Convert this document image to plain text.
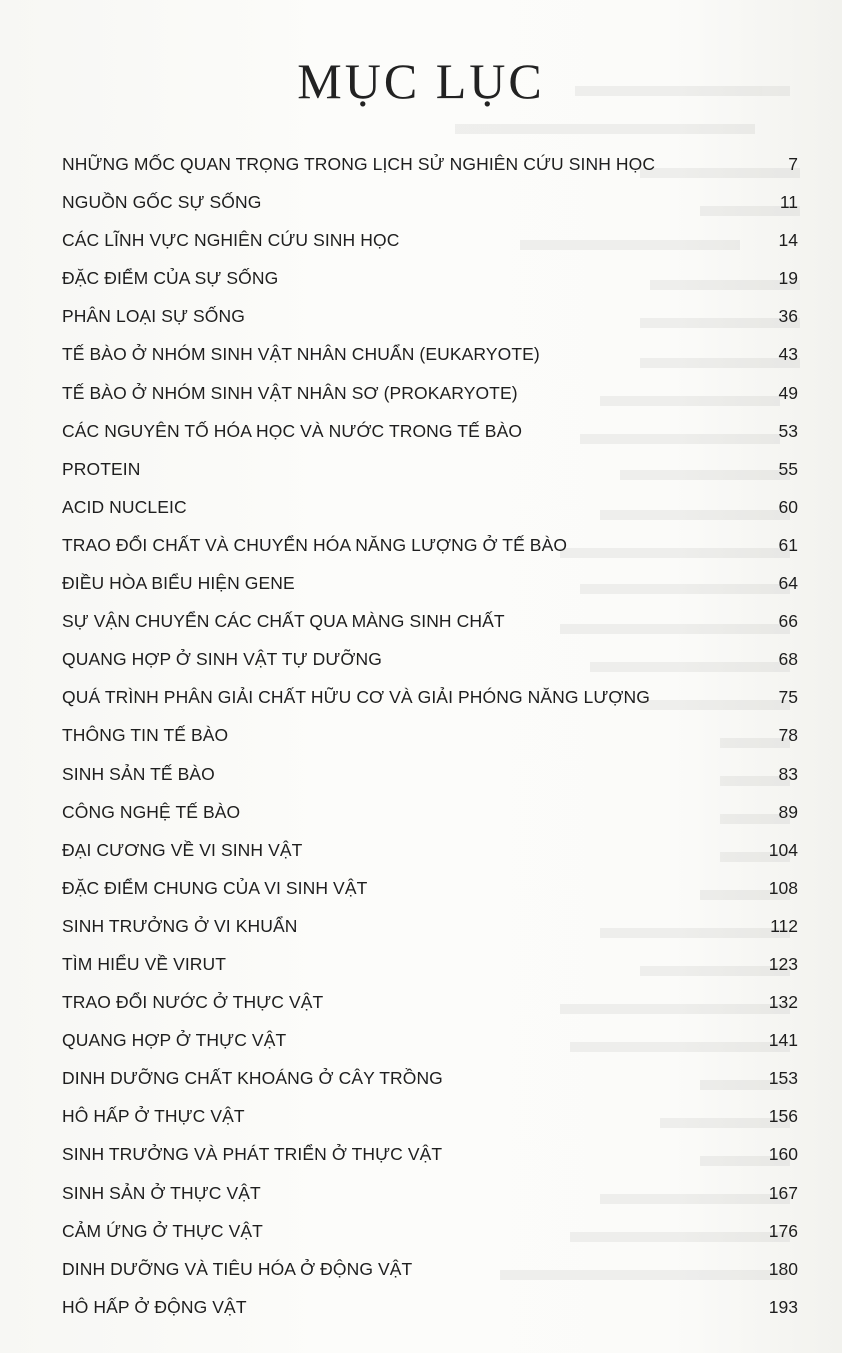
MỤC LỤC
NHỮNG MỐC QUAN TRỌNG TRONG LỊCH SỬ NGHIÊN CỨU SINH HỌC	7
NGUỒN GỐC SỰ SỐNG	11
CÁC LĨNH VỰC NGHIÊN CỨU SINH HỌC	14
ĐẶC ĐIỂM CỦA SỰ SỐNG	19
PHÂN LOẠI SỰ SỐNG	36
TẾ BÀO Ở NHÓM SINH VẬT NHÂN CHUẨN (EUKARYOTE)	43
TẾ BÀO Ở NHÓM SINH VẬT NHÂN SƠ (PROKARYOTE)	49
CÁC NGUYÊN TỐ HÓA HỌC VÀ NƯỚC TRONG TẾ BÀO	53
PROTEIN	55
ACID NUCLEIC	60
TRAO ĐỔI CHẤT VÀ CHUYỂN HÓA NĂNG LƯỢNG Ở TẾ BÀO	61
ĐIỀU HÒA BIỂU HIỆN GENE	64
SỰ VẬN CHUYỂN CÁC CHẤT QUA MÀNG SINH CHẤT	66
QUANG HỢP Ở SINH VẬT TỰ DƯỠNG	68
QUÁ TRÌNH PHÂN GIẢI CHẤT HỮU CƠ VÀ GIẢI PHÓNG NĂNG LƯỢNG	75
THÔNG TIN TẾ BÀO	78
SINH SẢN TẾ BÀO	83
CÔNG NGHỆ TẾ BÀO	89
ĐẠI CƯƠNG VỀ VI SINH VẬT	104
ĐẶC ĐIỂM CHUNG CỦA VI SINH VẬT	108
SINH TRƯỞNG Ở VI KHUẨN	112
TÌM HIỂU VỀ VIRUT	123
TRAO ĐỔI NƯỚC Ở THỰC VẬT	132
QUANG HỢP Ở THỰC VẬT	141
DINH DƯỠNG CHẤT KHOÁNG Ở CÂY TRỒNG	153
HÔ HẤP Ở THỰC VẬT	156
SINH TRƯỞNG VÀ PHÁT TRIỂN Ở THỰC VẬT	160
SINH SẢN Ở THỰC VẬT	167
CẢM ỨNG Ở THỰC VẬT	176
DINH DƯỠNG VÀ TIÊU HÓA Ở ĐỘNG VẬT	180
HÔ HẤP Ở ĐỘNG VẬT	193
